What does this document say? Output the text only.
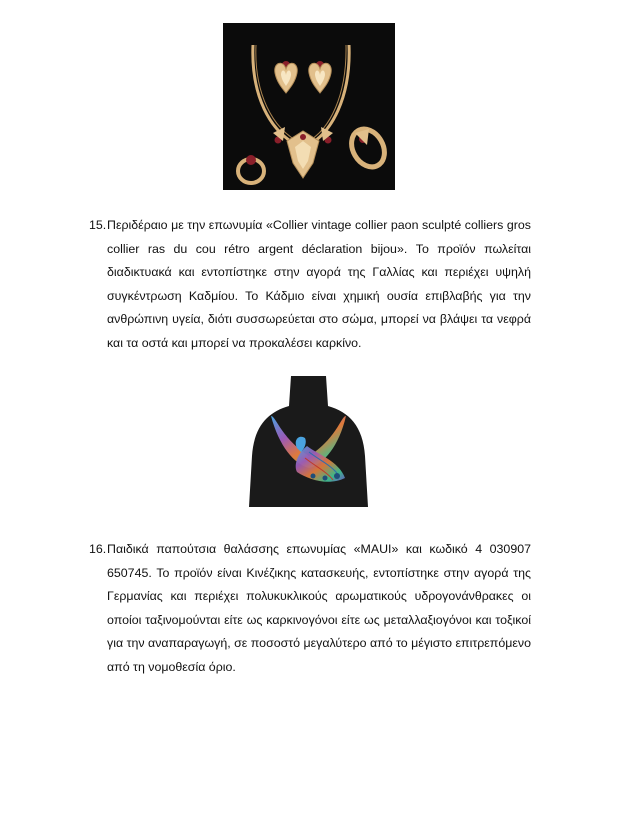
15. Περιδέραιο με την επωνυμία «Collier vintage collier paon sculpté colliers gros collier ras du cou rétro argent déclaration bijou». Το προϊόν πωλείται διαδικτυακά και εντοπίστηκε στην αγορά της Γαλλίας και περιέχει υψηλή συγκέντρωση Καδμίου. Το Κάδμιο είναι χημική ουσία επιβλαβής για την ανθρώπινη υγεία, διότι συσσωρεύεται στο σώμα, μπορεί να βλάψει τα νεφρά και τα οστά και μπορεί να προκαλέσει καρκίνο.
16. Παιδικά παπούτσια θαλάσσης επωνυμίας «MAUI» και κωδικό 4 030907 650745. Το προϊόν είναι Κινέζικης κατασκευής, εντοπίστηκε στην αγορά της Γερμανίας και περιέχει πολυκυκλικούς αρωματικούς υδρογονάνθρακες οι οποίοι ταξινομούνται είτε ως καρκινογόνοι είτε ως μεταλλαξιογόνοι και τοξικοί για την αναπαραγωγή, σε ποσοστό μεγαλύτερο από το μέγιστο επιτρεπόμενο από τη νομοθεσία όριο.
